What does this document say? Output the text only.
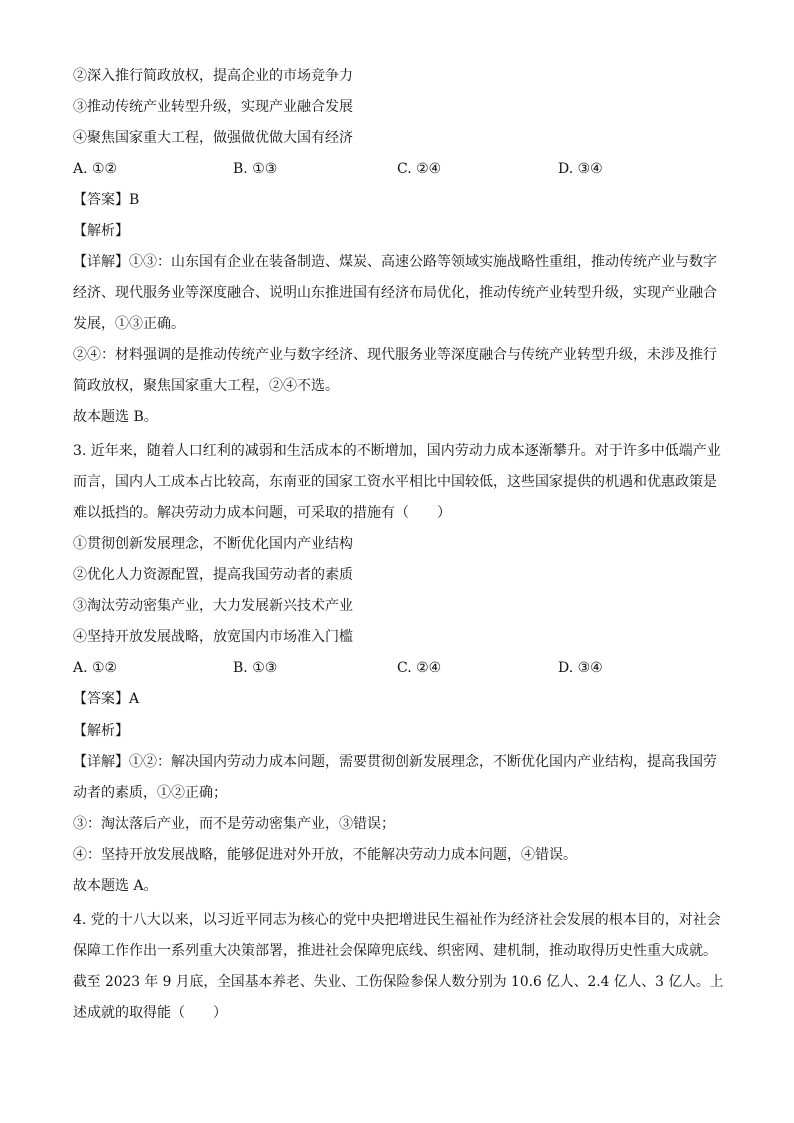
②深入推行简政放权，提高企业的市场竞争力
③推动传统产业转型升级，实现产业融合发展
④聚焦国家重大工程，做强做优做大国有经济
A. ①②	B. ①③	C. ②④	D. ③④
【答案】B
【解析】
【详解】①③：山东国有企业在装备制造、煤炭、高速公路等领域实施战略性重组，推动传统产业与数字
经济、现代服务业等深度融合、说明山东推进国有经济布局优化，推动传统产业转型升级，实现产业融合
发展，①③正确。
②④：材料强调的是推动传统产业与数字经济、现代服务业等深度融合与传统产业转型升级，未涉及推行
简政放权，聚焦国家重大工程，②④不选。
故本题选 B。
3. 近年来，随着人口红利的减弱和生活成本的不断增加，国内劳动力成本逐渐攀升。对于许多中低端产业
而言，国内人工成本占比较高，东南亚的国家工资水平相比中国较低，这些国家提供的机遇和优惠政策是
难以抵挡的。解决劳动力成本问题，可采取的措施有（　　）
①贯彻创新发展理念，不断优化国内产业结构
②优化人力资源配置，提高我国劳动者的素质
③淘汰劳动密集产业，大力发展新兴技术产业
④坚持开放发展战略，放宽国内市场准入门槛
A. ①②	B. ①③	C. ②④	D. ③④
【答案】A
【解析】
【详解】①②：解决国内劳动力成本问题，需要贯彻创新发展理念，不断优化国内产业结构，提高我国劳
动者的素质，①②正确；
③：淘汰落后产业，而不是劳动密集产业，③错误；
④：坚持开放发展战略，能够促进对外开放，不能解决劳动力成本问题，④错误。
故本题选 A。
4. 党的十八大以来，以习近平同志为核心的党中央把增进民生福祉作为经济社会发展的根本目的，对社会
保障工作作出一系列重大决策部署，推进社会保障兜底线、织密网、建机制，推动取得历史性重大成就。
截至 2023 年 9 月底，全国基本养老、失业、工伤保险参保人数分别为 10.6 亿人、2.4 亿人、3 亿人。上
述成就的取得能（　　）
